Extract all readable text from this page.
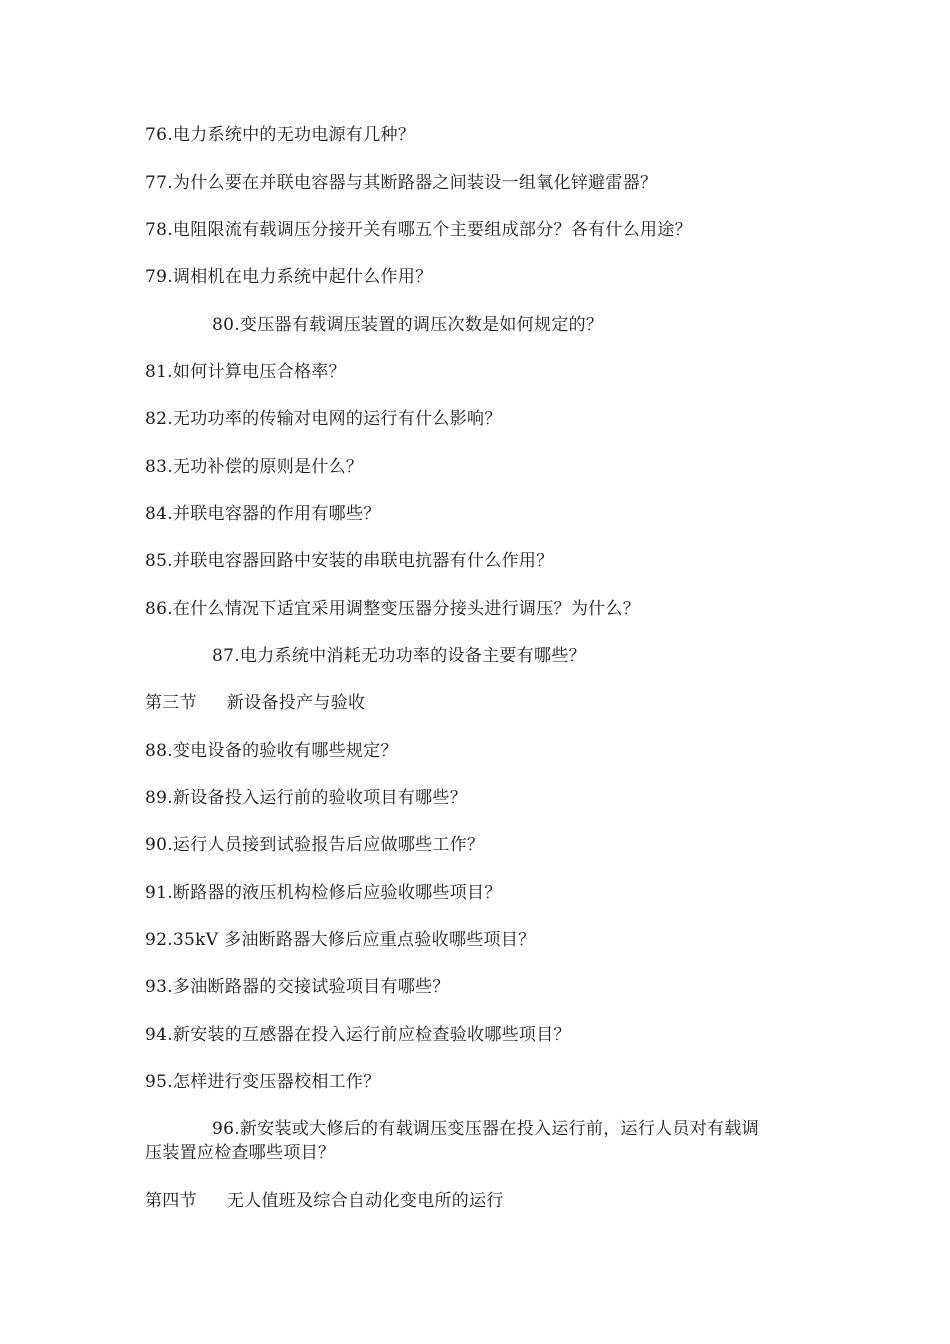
76.电力系统中的无功电源有几种？
77.为什么要在并联电容器与其断路器之间装设一组氧化锌避雷器？
78.电阻限流有载调压分接开关有哪五个主要组成部分？各有什么用途？
79.调相机在电力系统中起什么作用？
80.变压器有载调压装置的调压次数是如何规定的？
81.如何计算电压合格率？
82.无功功率的传输对电网的运行有什么影响？
83.无功补偿的原则是什么？
84.并联电容器的作用有哪些？
85.并联电容器回路中安装的串联电抗器有什么作用？
86.在什么情况下适宜采用调整变压器分接头进行调压？为什么？
87.电力系统中消耗无功功率的设备主要有哪些？
第三节 新设备投产与验收
88.变电设备的验收有哪些规定？
89.新设备投入运行前的验收项目有哪些？
90.运行人员接到试验报告后应做哪些工作？
91.断路器的液压机构检修后应验收哪些项目？
92.35kV 多油断路器大修后应重点验收哪些项目？
93.多油断路器的交接试验项目有哪些？
94.新安装的互感器在投入运行前应检查验收哪些项目？
95.怎样进行变压器校相工作？
96.新安装或大修后的有载调压变压器在投入运行前，运行人员对有载调
压装置应检查哪些项目？
第四节 无人值班及综合自动化变电所的运行
